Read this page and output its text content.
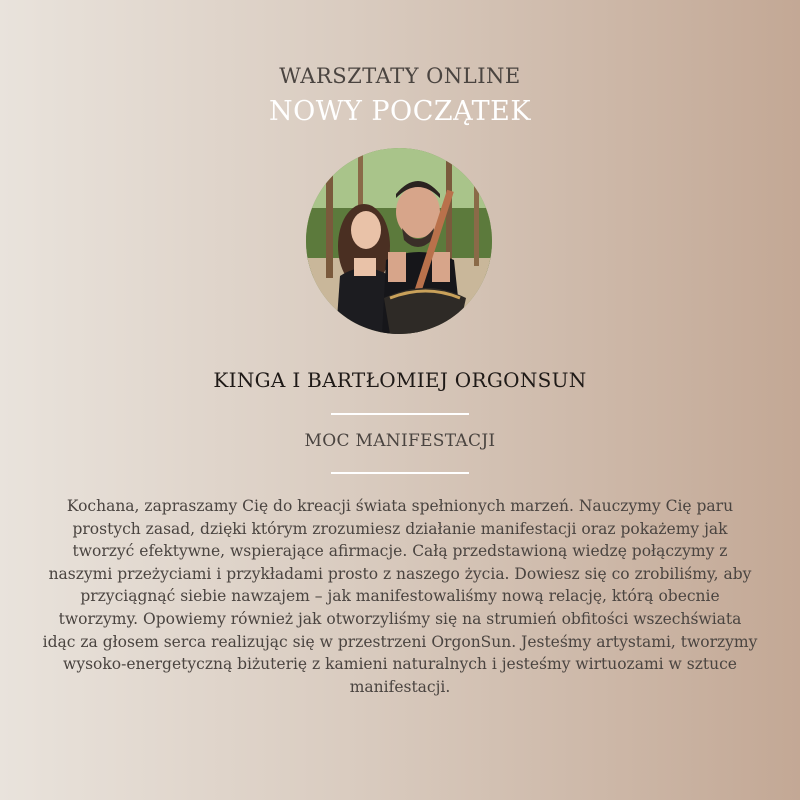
WARSZTATY ONLINE
NOWY POCZĄTEK
KINGA I BARTŁOMIEJ ORGONSUN
MOC MANIFESTACJI
Kochana, zapraszamy Cię do kreacji świata spełnionych marzeń. Nauczymy Cię paru prostych zasad, dzięki którym zrozumiesz działanie manifestacji oraz pokażemy jak tworzyć efektywne, wspierające afirmacje. Całą przedstawioną wiedzę połączymy z naszymi przeżyciami i przykładami prosto z naszego życia. Dowiesz się co zrobiliśmy, aby przyciągnąć siebie nawzajem – jak manifestowaliśmy nową relację, którą obecnie tworzymy. Opowiemy również jak otworzyliśmy się na strumień obfitości wszechświata idąc za głosem serca realizując się w przestrzeni OrgonSun. Jesteśmy artystami, tworzymy wysoko-energetyczną biżuterię z kamieni naturalnych i jesteśmy wirtuozami w sztuce manifestacji.
